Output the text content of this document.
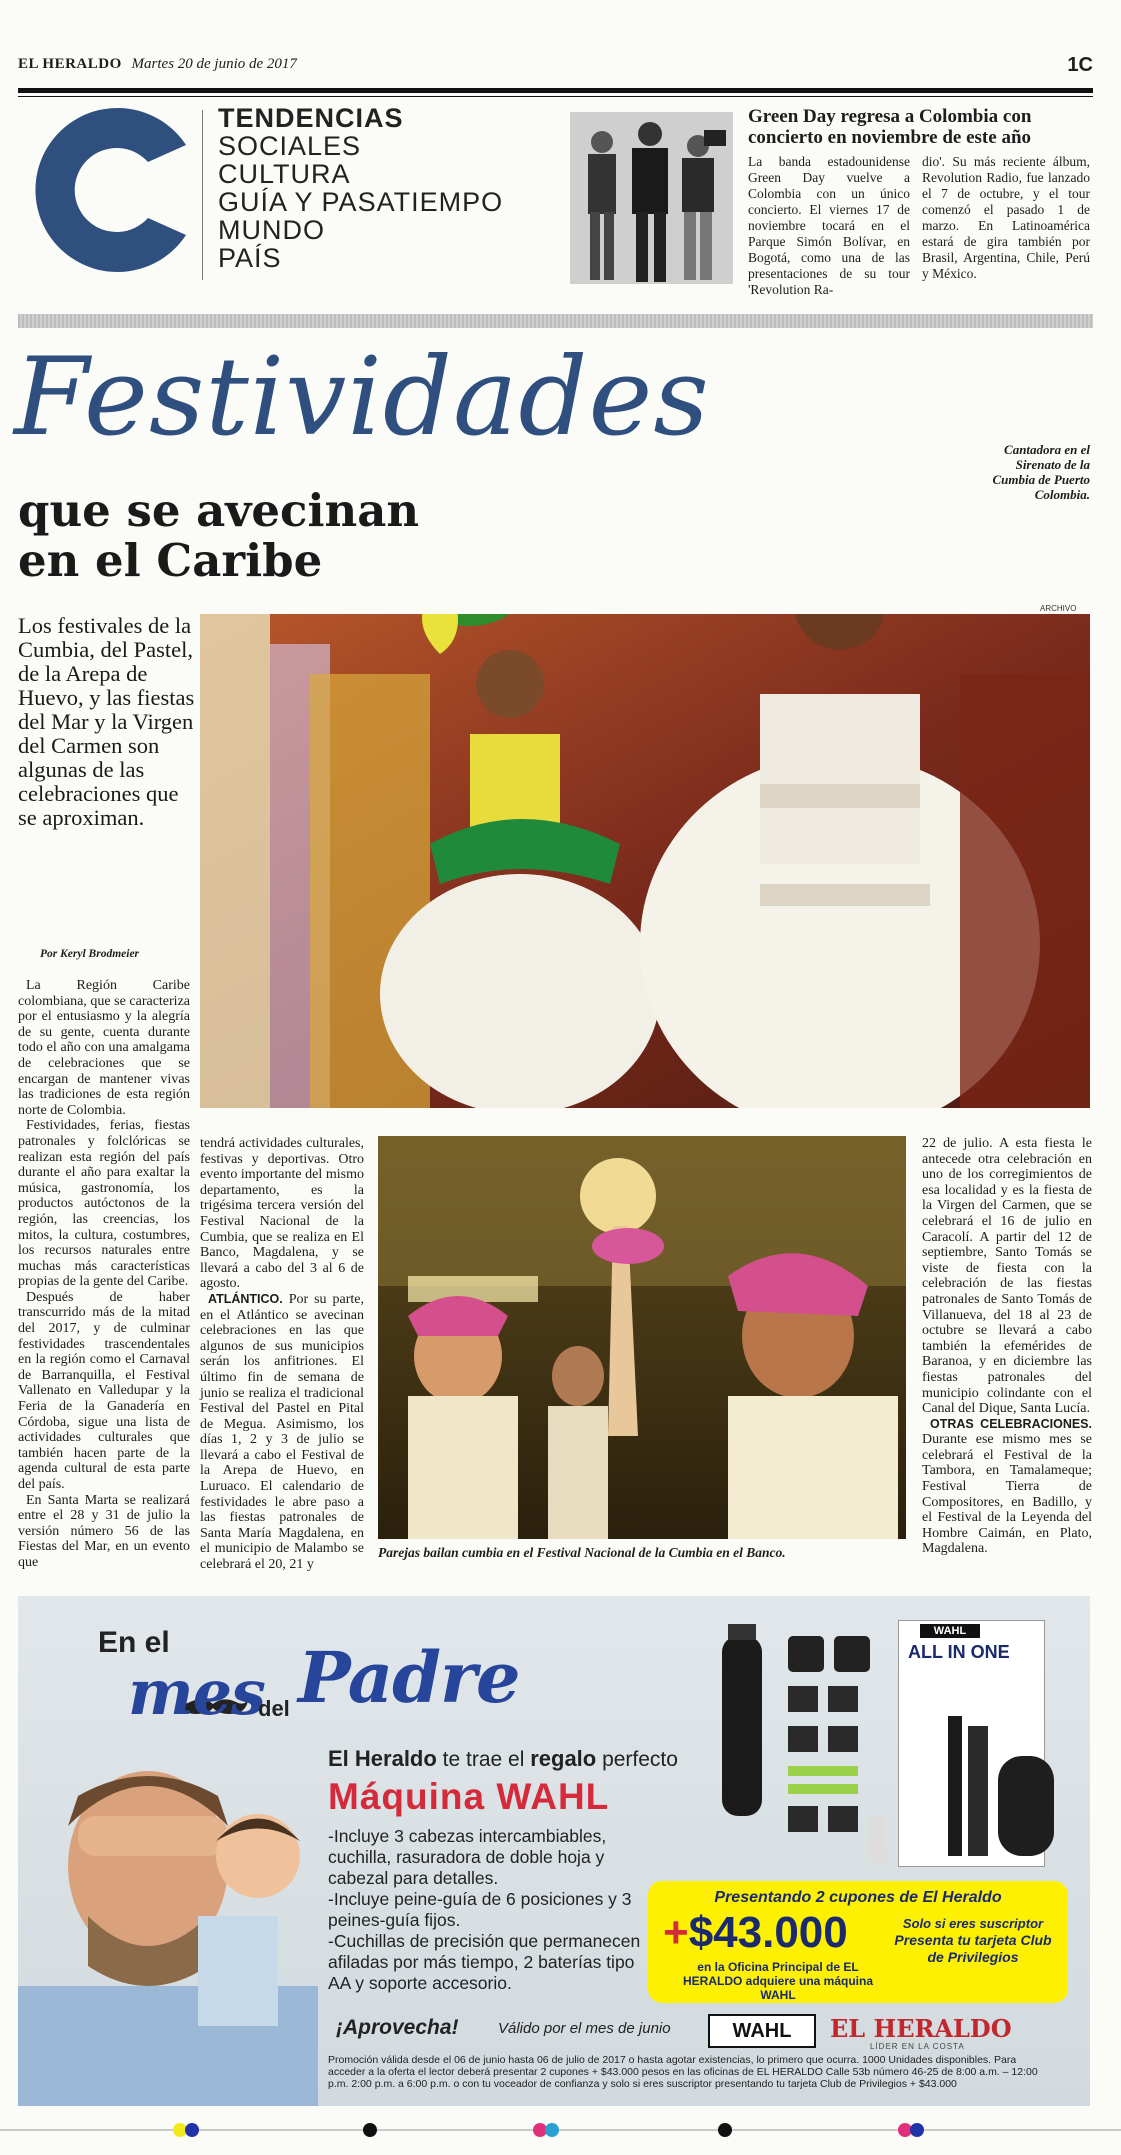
EL HERALDO Martes 20 de junio de 2017	1C
TENDENCIAS
SOCIALES
CULTURA
GUÍA Y PASATIEMPO
MUNDO
PAÍS
Green Day regresa a Colombia con concierto en noviembre de este año
La banda estadounidense Green Day vuelve a Colombia con un único concierto. El viernes 17 de noviembre tocará en el Parque Simón Bolívar, en Bogotá, como una de las presentaciones de su tour 'Revolution Ra-
dio'. Su más reciente álbum, Revolution Radio, fue lanzado el 7 de octubre, y el tour comenzó el pasado 1 de marzo. En Latinoamérica estará de gira también por Brasil, Argentina, Chile, Perú y México.
Festividades
que se avecinan
en el Caribe
Los festivales de la Cumbia, del Pastel, de la Arepa de Huevo, y las fiestas del Mar y la Virgen del Carmen son algunas de las celebraciones que se aproximan.
Por Keryl Brodmeier
Cantadora en el Sirenato de la Cumbia de Puerto Colombia.
ARCHIVO

La Región Caribe colombiana, que se caracteriza por el entusiasmo y la alegría de su gente, cuenta durante todo el año con una amalgama de celebraciones que se encargan de mantener vivas las tradiciones de esta región norte de Colombia.

Festividades, ferias, fiestas patronales y folclóricas se realizan esta región del país durante el año para exaltar la música, gastronomía, los productos autóctonos de la región, las creencias, los mitos, la cultura, costumbres, los recursos naturales entre muchas más características propias de la gente del Caribe.

Después de haber transcurrido más de la mitad del 2017, y de culminar festividades trascendentales en la región como el Carnaval de Barranquilla, el Festival Vallenato en Valledupar y la Feria de la Ganadería en Córdoba, sigue una lista de actividades culturales que también hacen parte de la agenda cultural de esta parte del país.

En Santa Marta se realizará entre el 28 y 31 de julio la versión número 56 de las Fiestas del Mar, en un evento que

tendrá actividades culturales, festivas y deportivas. Otro evento importante del mismo departamento, es la trigésima tercera versión del Festival Nacional de la Cumbia, que se realiza en El Banco, Magdalena, y se llevará a cabo del 3 al 6 de agosto.

ATLÁNTICO. Por su parte, en el Atlántico se avecinan celebraciones en las que algunos de sus municipios serán los anfitriones. El último fin de semana de junio se realiza el tradicional Festival del Pastel en Pital de Megua. Asimismo, los días 1, 2 y 3 de julio se llevará a cabo el Festival de la Arepa de Huevo, en Luruaco. El calendario de festividades le abre paso a las fiestas patronales de Santa María Magdalena, en el municipio de Malambo se celebrará el 20, 21 y

Parejas bailan cumbia en el Festival Nacional de la Cumbia en el Banco.

22 de julio. A esta fiesta le antecede otra celebración en uno de los corregimientos de esa localidad y es la fiesta de la Virgen del Carmen, que se celebrará el 16 de julio en Caracolí. A partir del 12 de septiembre, Santo Tomás se viste de fiesta con la celebración de las fiestas patronales de Santo Tomás de Villanueva, del 18 al 23 de octubre se llevará a cabo también la efemérides de Baranoa, y en diciembre las fiestas patronales del municipio colindante con el Canal del Dique, Santa Lucía.

OTRAS CELEBRACIONES. Durante ese mismo mes se celebrará el Festival de la Tambora, en Tamalameque; Festival Tierra de Compositores, en Badillo, y el Festival de la Leyenda del Hombre Caimán, en Plato, Magdalena.

En el
mes
del Padre
El Heraldo te trae el regalo perfecto
Máquina WAHL
-Incluye 3 cabezas intercambiables, cuchilla, rasuradora de doble hoja y cabezal para detalles.
-Incluye peine-guía de 6 posiciones y 3 peines-guía fijos.
-Cuchillas de precisión que permanecen afiladas por más tiempo, 2 baterías tipo AA y soporte accesorio.
WAHL
ALL IN ONE
Presentando 2 cupones de El Heraldo
+$43.000
en la Oficina Principal de EL HERALDO adquiere una máquina WAHL
Solo si eres suscriptor
Presenta tu tarjeta Club de Privilegios
¡Aprovecha!	Válido por el mes de junio	WAHL	EL HERALDO
LÍDER EN LA COSTA
Promoción válida desde el 06 de junio hasta 06 de julio de 2017 o hasta agotar existencias, lo primero que ocurra. 1000 Unidades disponibles. Para acceder a la oferta el lector deberá presentar 2 cupones + $43.000 pesos en las oficinas de EL HERALDO Calle 53b número 46-25 de 8:00 a.m. – 12:00 p.m. 2:00 p.m. a 6:00 p.m. o con tu voceador de confianza y solo si eres suscriptor presentando tu tarjeta Club de Privilegios + $43.000
